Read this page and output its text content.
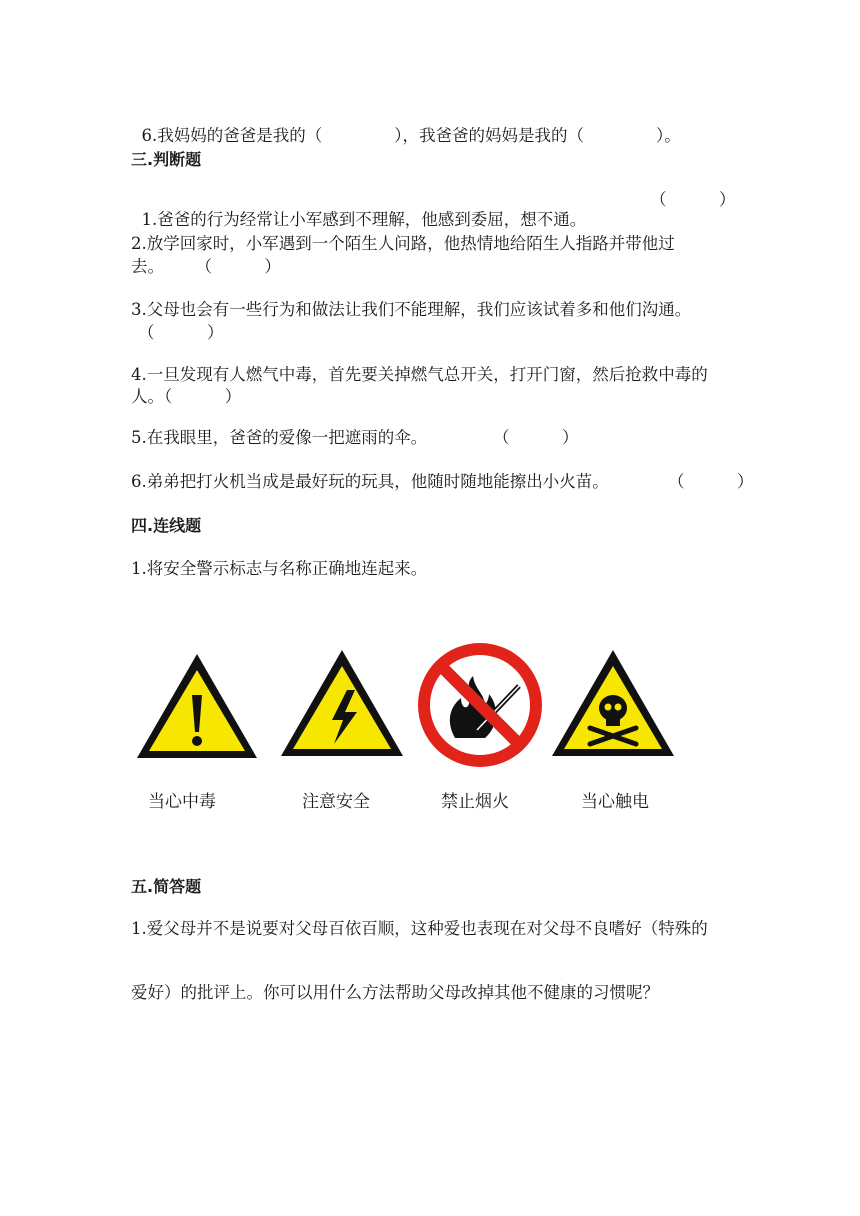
6.我妈妈的爸爸是我的（	），我爸爸的妈妈是我的（	）。

三.判断题

1.爸爸的行为经常让小军感到不理解，他感到委屈，想不通。

（          ）
2.放学回家时，小军遇到一个陌生人问路，他热情地给陌生人指路并带他过
去。      （          ）
3.父母也会有一些行为和做法让我们不能理解，我们应该试着多和他们沟通。
（          ）
4.一旦发现有人燃气中毒，首先要关掉燃气总开关，打开门窗，然后抢救中毒的
人。（          ）
5.在我眼里，爸爸的爱像一把遮雨的伞。	（          ）
6.弟弟把打火机当成是最好玩的玩具，他随时随地能擦出小火苗。	（          ）
四.连线题
1.将安全警示标志与名称正确地连起来。
当心中毒	注意安全	禁止烟火	当心触电
五.简答题
1.爱父母并不是说要对父母百依百顺，这种爱也表现在对父母不良嗜好（特殊的
爱好）的批评上。你可以用什么方法帮助父母改掉其他不健康的习惯呢？
